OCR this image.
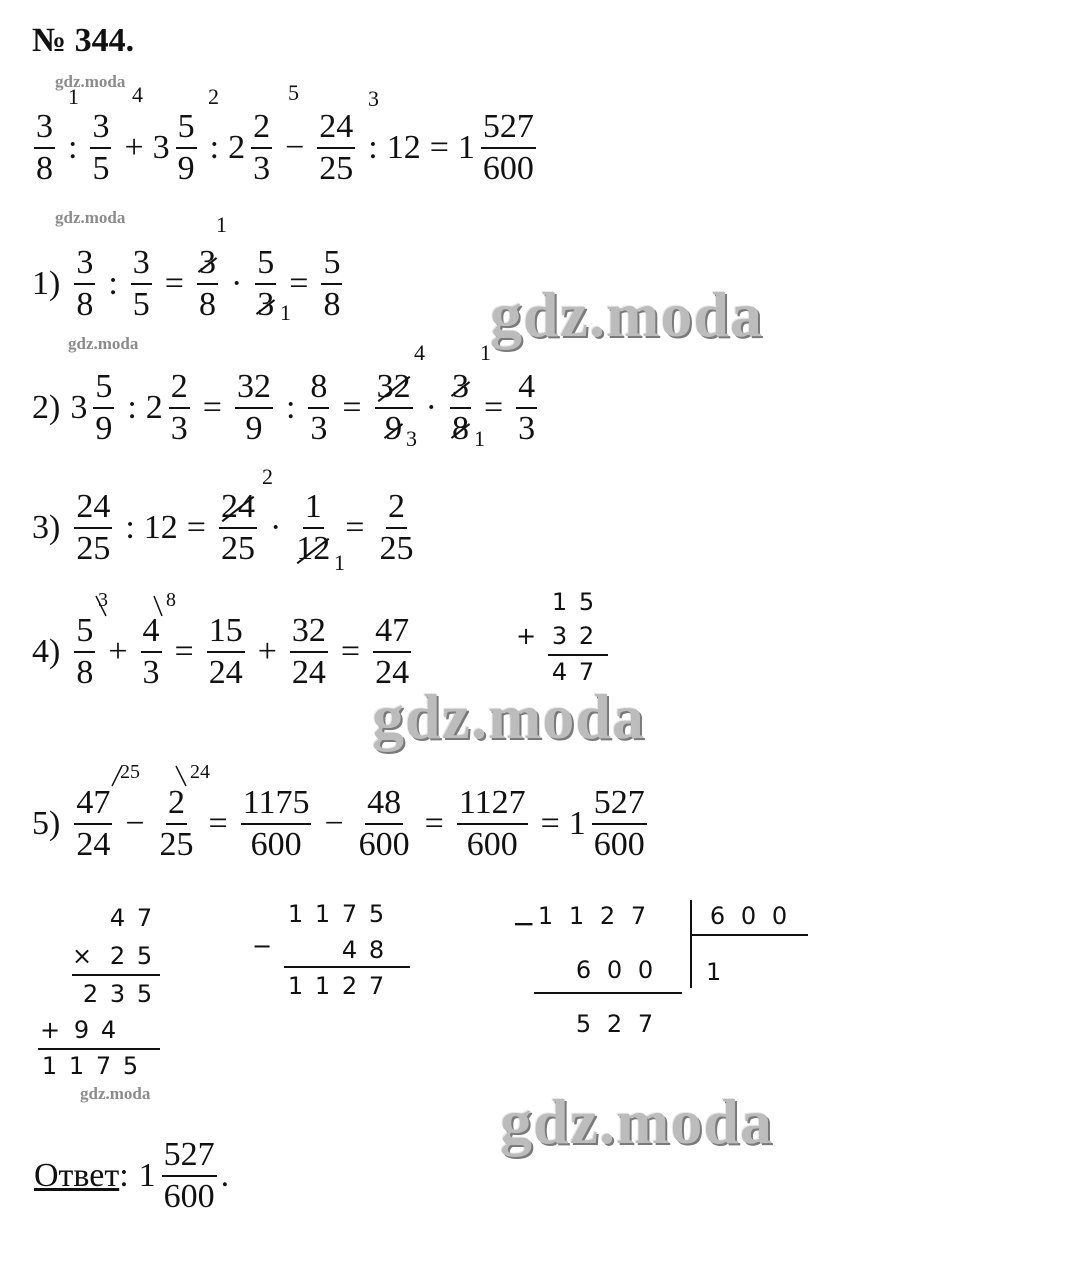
gdz.moda
gdz.moda
gdz.moda
gdz.moda
gdz.moda
gdz.moda
gdz.moda
№ 344.
$\frac{3}{8}$ : $\frac{3}{5} + 3 \frac{5}{9}$ : $2 \frac{2}{3} - \frac{24}{25}$ : $12 = 1 \frac{527}{600}$
1 4	2	5	3
$1) \frac{3}{8}$ : $\frac{3}{5} = \frac{3}{8} \cdot \frac{5}{3} = \frac{5}{8}$
1
1
2) $3 \frac{5}{9}$ : $2 \frac{2}{3} = \frac{32}{9}$ : $\frac{8}{3} = \frac{32}{9} \cdot \frac{3}{8} = \frac{4}{3}$
4
3
1
1
$3) \frac{24}{25}$ : $12 = \frac{24}{25} \cdot \frac{1}{12} = \frac{2}{25}$
2
1
$4) \frac{5}{8} + \frac{4}{3} = \frac{15}{24} + \frac{32}{24} = \frac{47}{24}$
3	8	1 5
+ 3 2
4 7
$5) \frac{47}{24} - \frac{2}{25} = \frac{1175}{600} - \frac{48}{600} = \frac{1127}{600} = 1 \frac{527}{600}$
25	24
4 7
× 2 5
2 3 5
+ 9 4
1 1 7 5
1 1 7 5
−	4 8
1 1 2 7
− 1 1 2 7	6 0 0
1
6 0 0
5 2 7
Ответ : $1 \frac{527}{600}$ .
